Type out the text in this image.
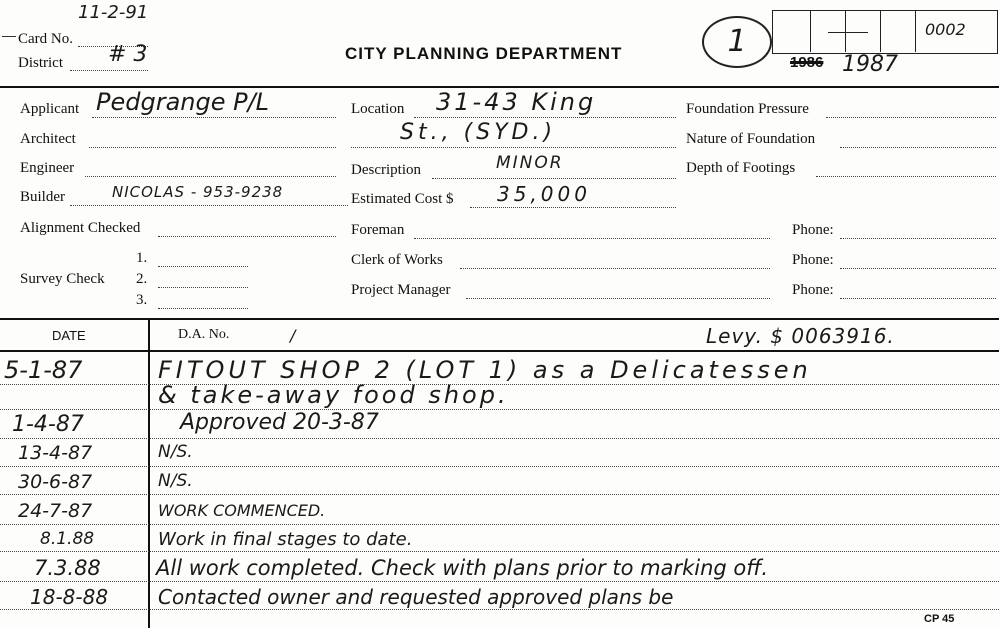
11-2-91
Card No.
District # 3	CITY PLANNING DEPARTMENT	1	0002
1986 1987
Applicant Pedgrange P/L
Architect
Engineer
Builder	NICOLAS - 953-9238
Alignment Checked
Survey Check
1.
2.
3.
Location 31-43 King
St., (SYD.)
Description	MINOR
Estimated Cost $ 35,000
Foreman	Phone:
Clerk of Works	Phone:
Project Manager	Phone:
Foundation Pressure
Nature of Foundation
Depth of Footings
DATE	D.A. No.	/	Levy. $ 0063916.
5-1-87	FITOUT SHOP 2 (LOT 1) as a Delicatessen
& take-away food shop.
1-4-87	Approved 20-3-87
13-4-87	N/S.
30-6-87	N/S.
24-7-87	WORK COMMENCED.
8.1.88	Work in final stages to date.
7.3.88	All work completed. Check with plans prior to marking off.
18-8-88 Contacted owner and requested approved plans be
CP 45
